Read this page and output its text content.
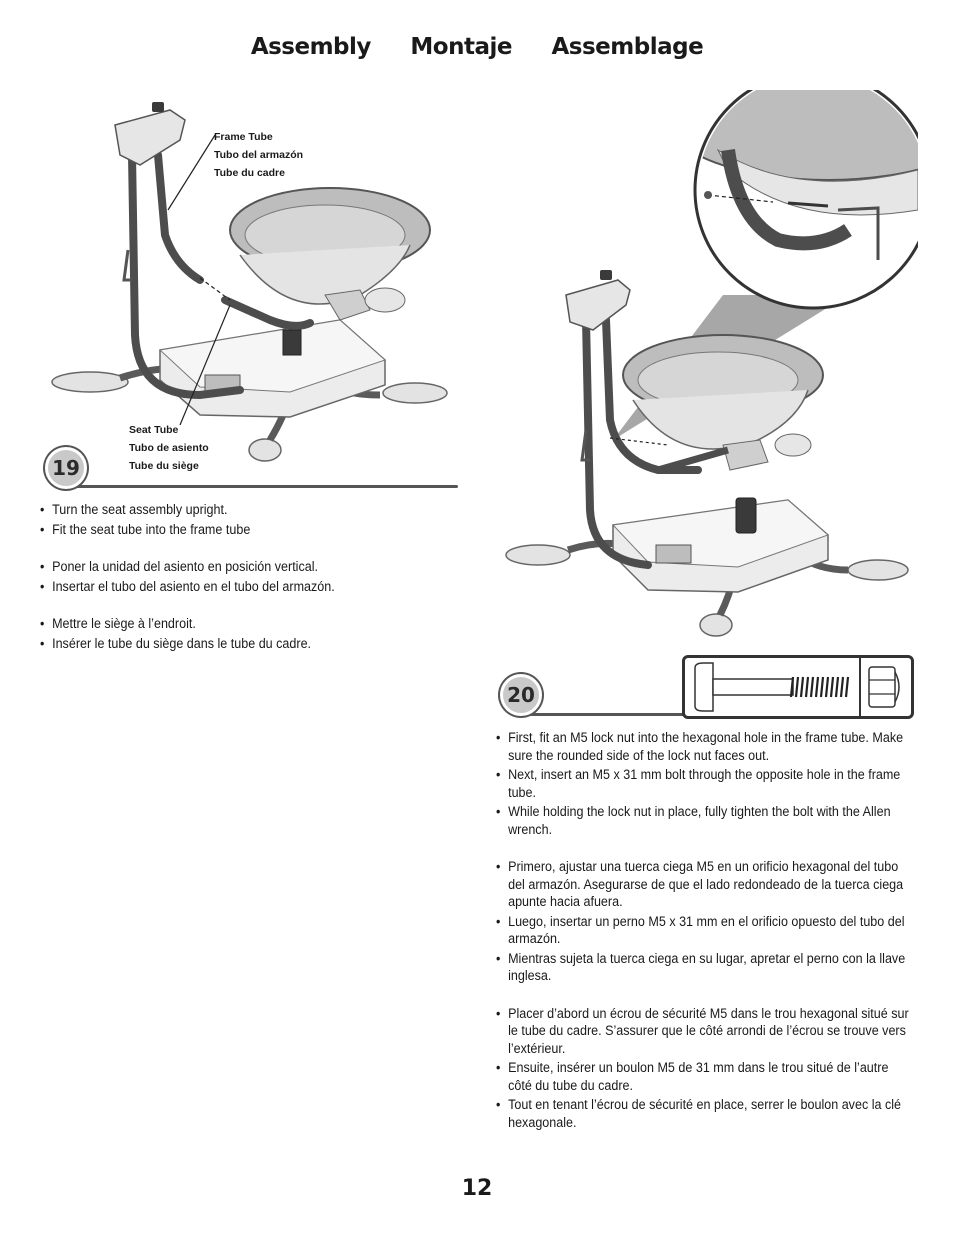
Assembly Montaje Assemblage
Frame Tube
Tubo del armazón
Tube du cadre
Seat Tube
Tubo de asiento
Tube du siège
19
• Turn the seat assembly upright.
• Fit the seat tube into the frame tube
• Poner la unidad del asiento en posición vertical.
• Insertar el tubo del asiento en el tubo del armazón.
• Mettre le siège à l’endroit.
• Insérer le tube du siège dans le tube du cadre.
20
• First, fit an M5 lock nut into the hexagonal hole in the frame tube. Make sure the rounded side of the lock nut faces out.
• Next, insert an M5 x 31 mm bolt through the opposite hole in the frame tube.
• While holding the lock nut in place, fully tighten the bolt with the Allen wrench.
• Primero, ajustar una tuerca ciega M5 en un orificio hexagonal del tubo del armazón. Asegurarse de que el lado redondeado de la tuerca ciega apunte hacia afuera.
• Luego, insertar un perno M5 x 31 mm en el orificio opuesto del tubo del armazón.
• Mientras sujeta la tuerca ciega en su lugar, apretar el perno con la llave inglesa.
• Placer d’abord un écrou de sécurité M5 dans le trou hexagonal situé sur le tube du cadre. S’assurer que le côté arrondi de l’écrou se trouve vers l’extérieur.
• Ensuite, insérer un boulon M5 de 31 mm dans le trou situé de l’autre côté du tube du cadre.
• Tout en tenant l’écrou de sécurité en place, serrer le boulon avec la clé hexagonale.
12
